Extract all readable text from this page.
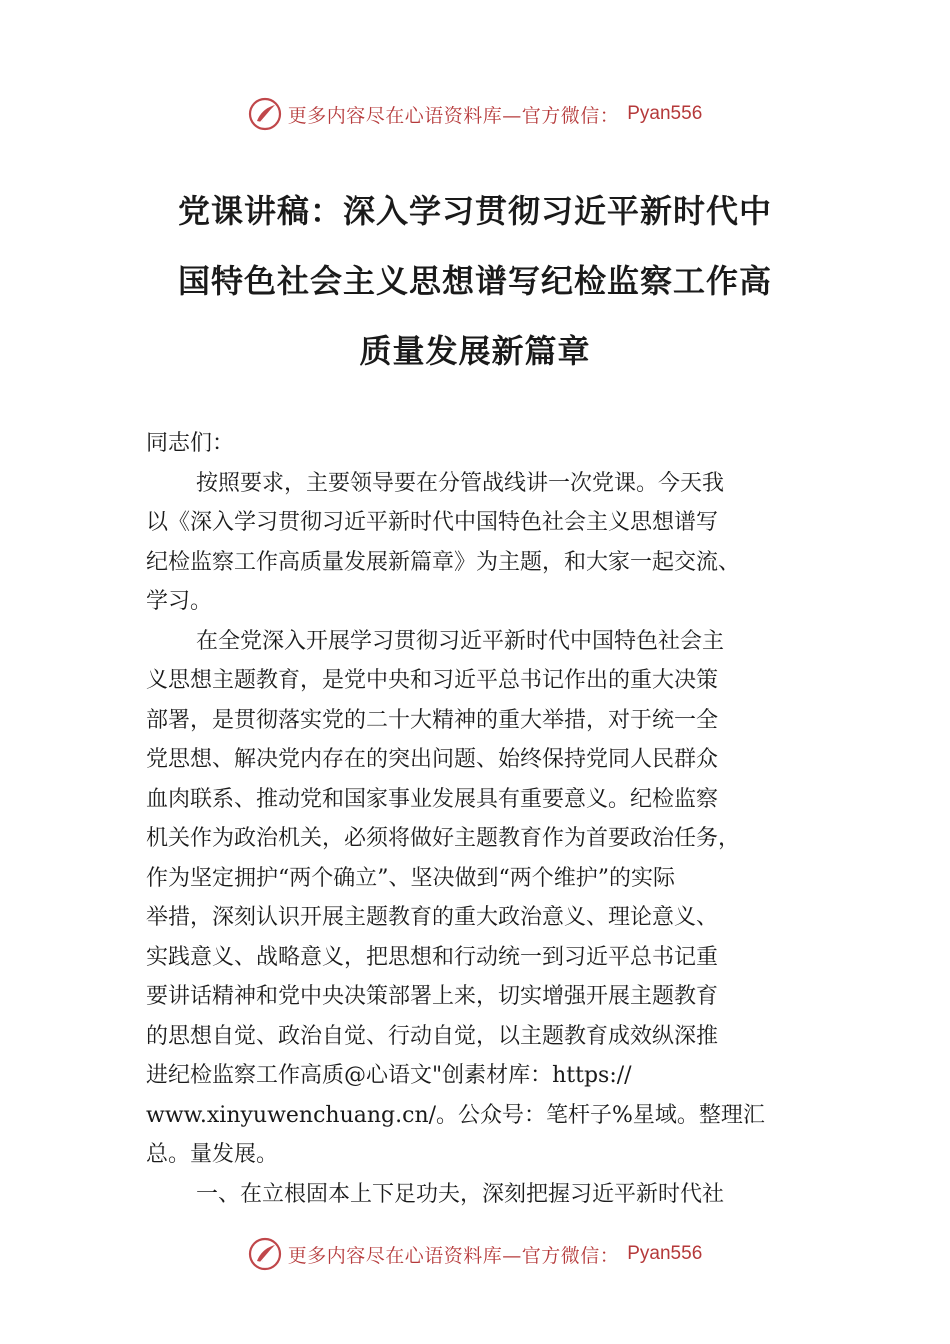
更多内容尽在心语资料库—官方微信： Pyan556
党课讲稿：深入学习贯彻习近平新时代中
国特色社会主义思想谱写纪检监察工作高
质量发展新篇章
同志们：
按照要求，主要领导要在分管战线讲一次党课。今天我
以《深入学习贯彻习近平新时代中国特色社会主义思想谱写
纪检监察工作高质量发展新篇章》为主题，和大家一起交流、
学习。
在全党深入开展学习贯彻习近平新时代中国特色社会主
义思想主题教育，是党中央和习近平总书记作出的重大决策
部署，是贯彻落实党的二十大精神的重大举措，对于统一全
党思想、解决党内存在的突出问题、始终保持党同人民群众
血肉联系、推动党和国家事业发展具有重要意义。纪检监察
机关作为政治机关，必须将做好主题教育作为首要政治任务，
作为坚定拥护“两个确立”、坚决做到“两个维护”的实际
举措，深刻认识开展主题教育的重大政治意义、理论意义、
实践意义、战略意义，把思想和行动统一到习近平总书记重
要讲话精神和党中央决策部署上来，切实增强开展主题教育
的思想自觉、政治自觉、行动自觉，以主题教育成效纵深推
进纪检监察工作高质@心语文"创素材库：https://
www.xinyuwenchuang.cn/。公众号：笔杆子%星域。整理汇
总。量发展。
一、在立根固本上下足功夫，深刻把握习近平新时代社
更多内容尽在心语资料库—官方微信： Pyan556
